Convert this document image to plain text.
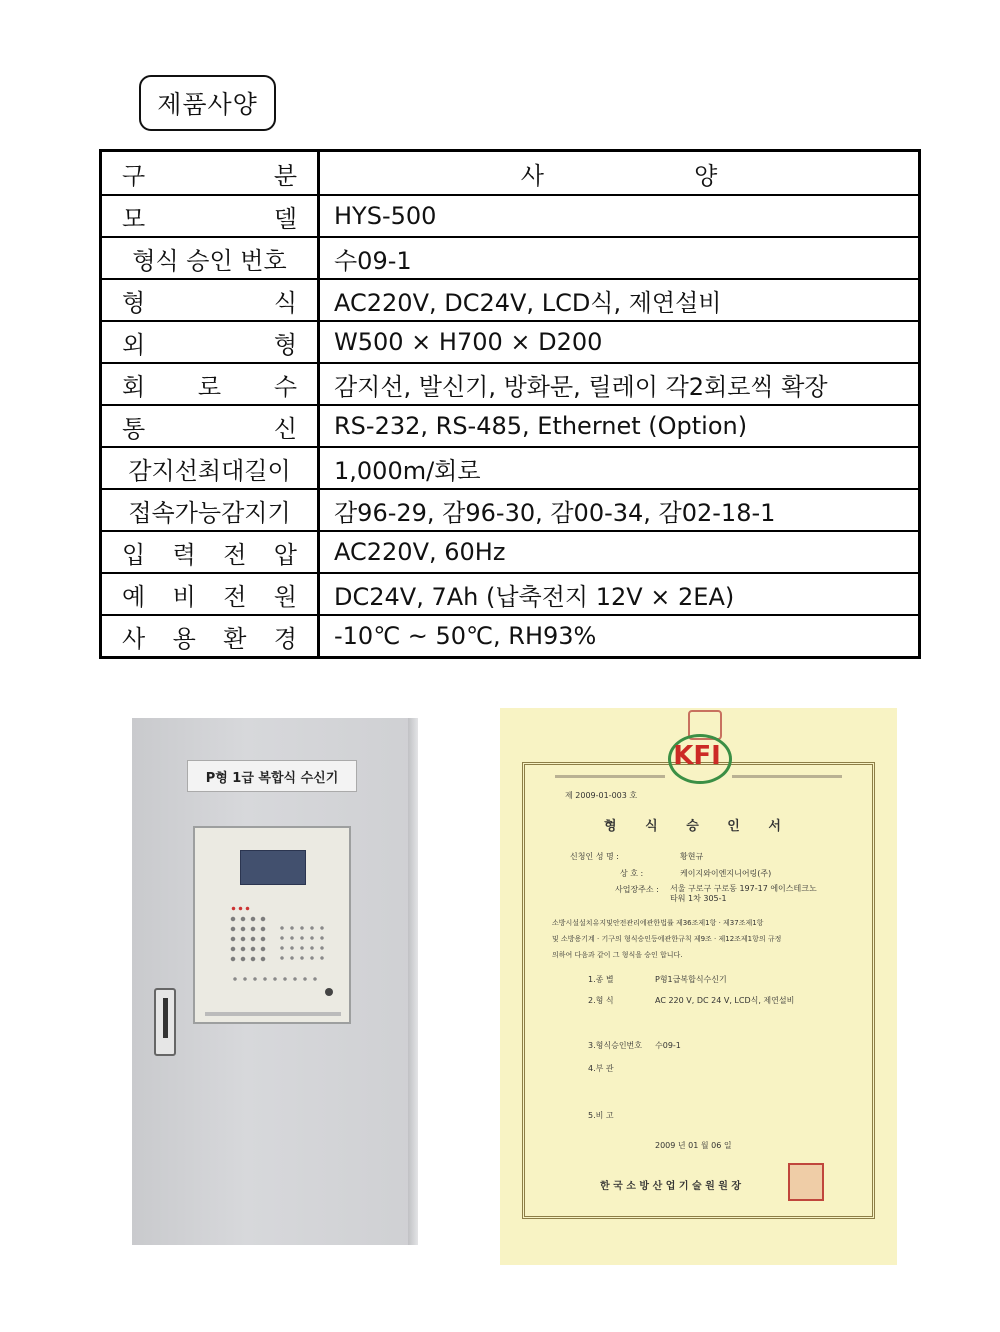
제품사양
구 분	사 양

모 델	HYS-500

형식 승인 번호	수09-1

형 식	AC220V, DC24V, LCD식, 제연설비

외 형	W500 × H700 × D200

회 로 수	감지선, 발신기, 방화문, 릴레이 각2회로씩 확장

통 신	RS-232, RS-485, Ethernet (Option)

감지선최대길이	1,000m/회로

접속가능감지기	감96-29, 감96-30, 감00-34, 감02-18-1

입 력 전 압	AC220V, 60Hz

예 비 전 원	DC24V, 7Ah (납축전지 12V × 2EA)

사 용 환 경	-10℃ ~ 50℃, RH93%
P형 1급 복합식 수신기
KFI
제 2009-01-003 호
형 식 승 인 서
신청인 성 명 :	황현규
상 호 :	케이지와이엔지니어링(주)
사업장주소 : 서울 구로구 구로동 197-17 에이스테크노타워 1차 305-1
소방시설설치유지및안전관리에관한법률 제36조제1항 · 제37조제1항
및 소방용기계 · 기구의 형식승인등에관한규칙 제9조 · 제12조제1항의 규정
의하여 다음과 같이 그 형식을 승인 합니다.
1.종 별	P형1급복합식수신기
2.형 식	AC 220 V, DC 24 V, LCD식, 제연설비
3.형식승인번호 수09-1
4.부 관
5.비 고
2009 년 01 월 06 일
한 국 소 방 산 업 기 술 원 원 장
